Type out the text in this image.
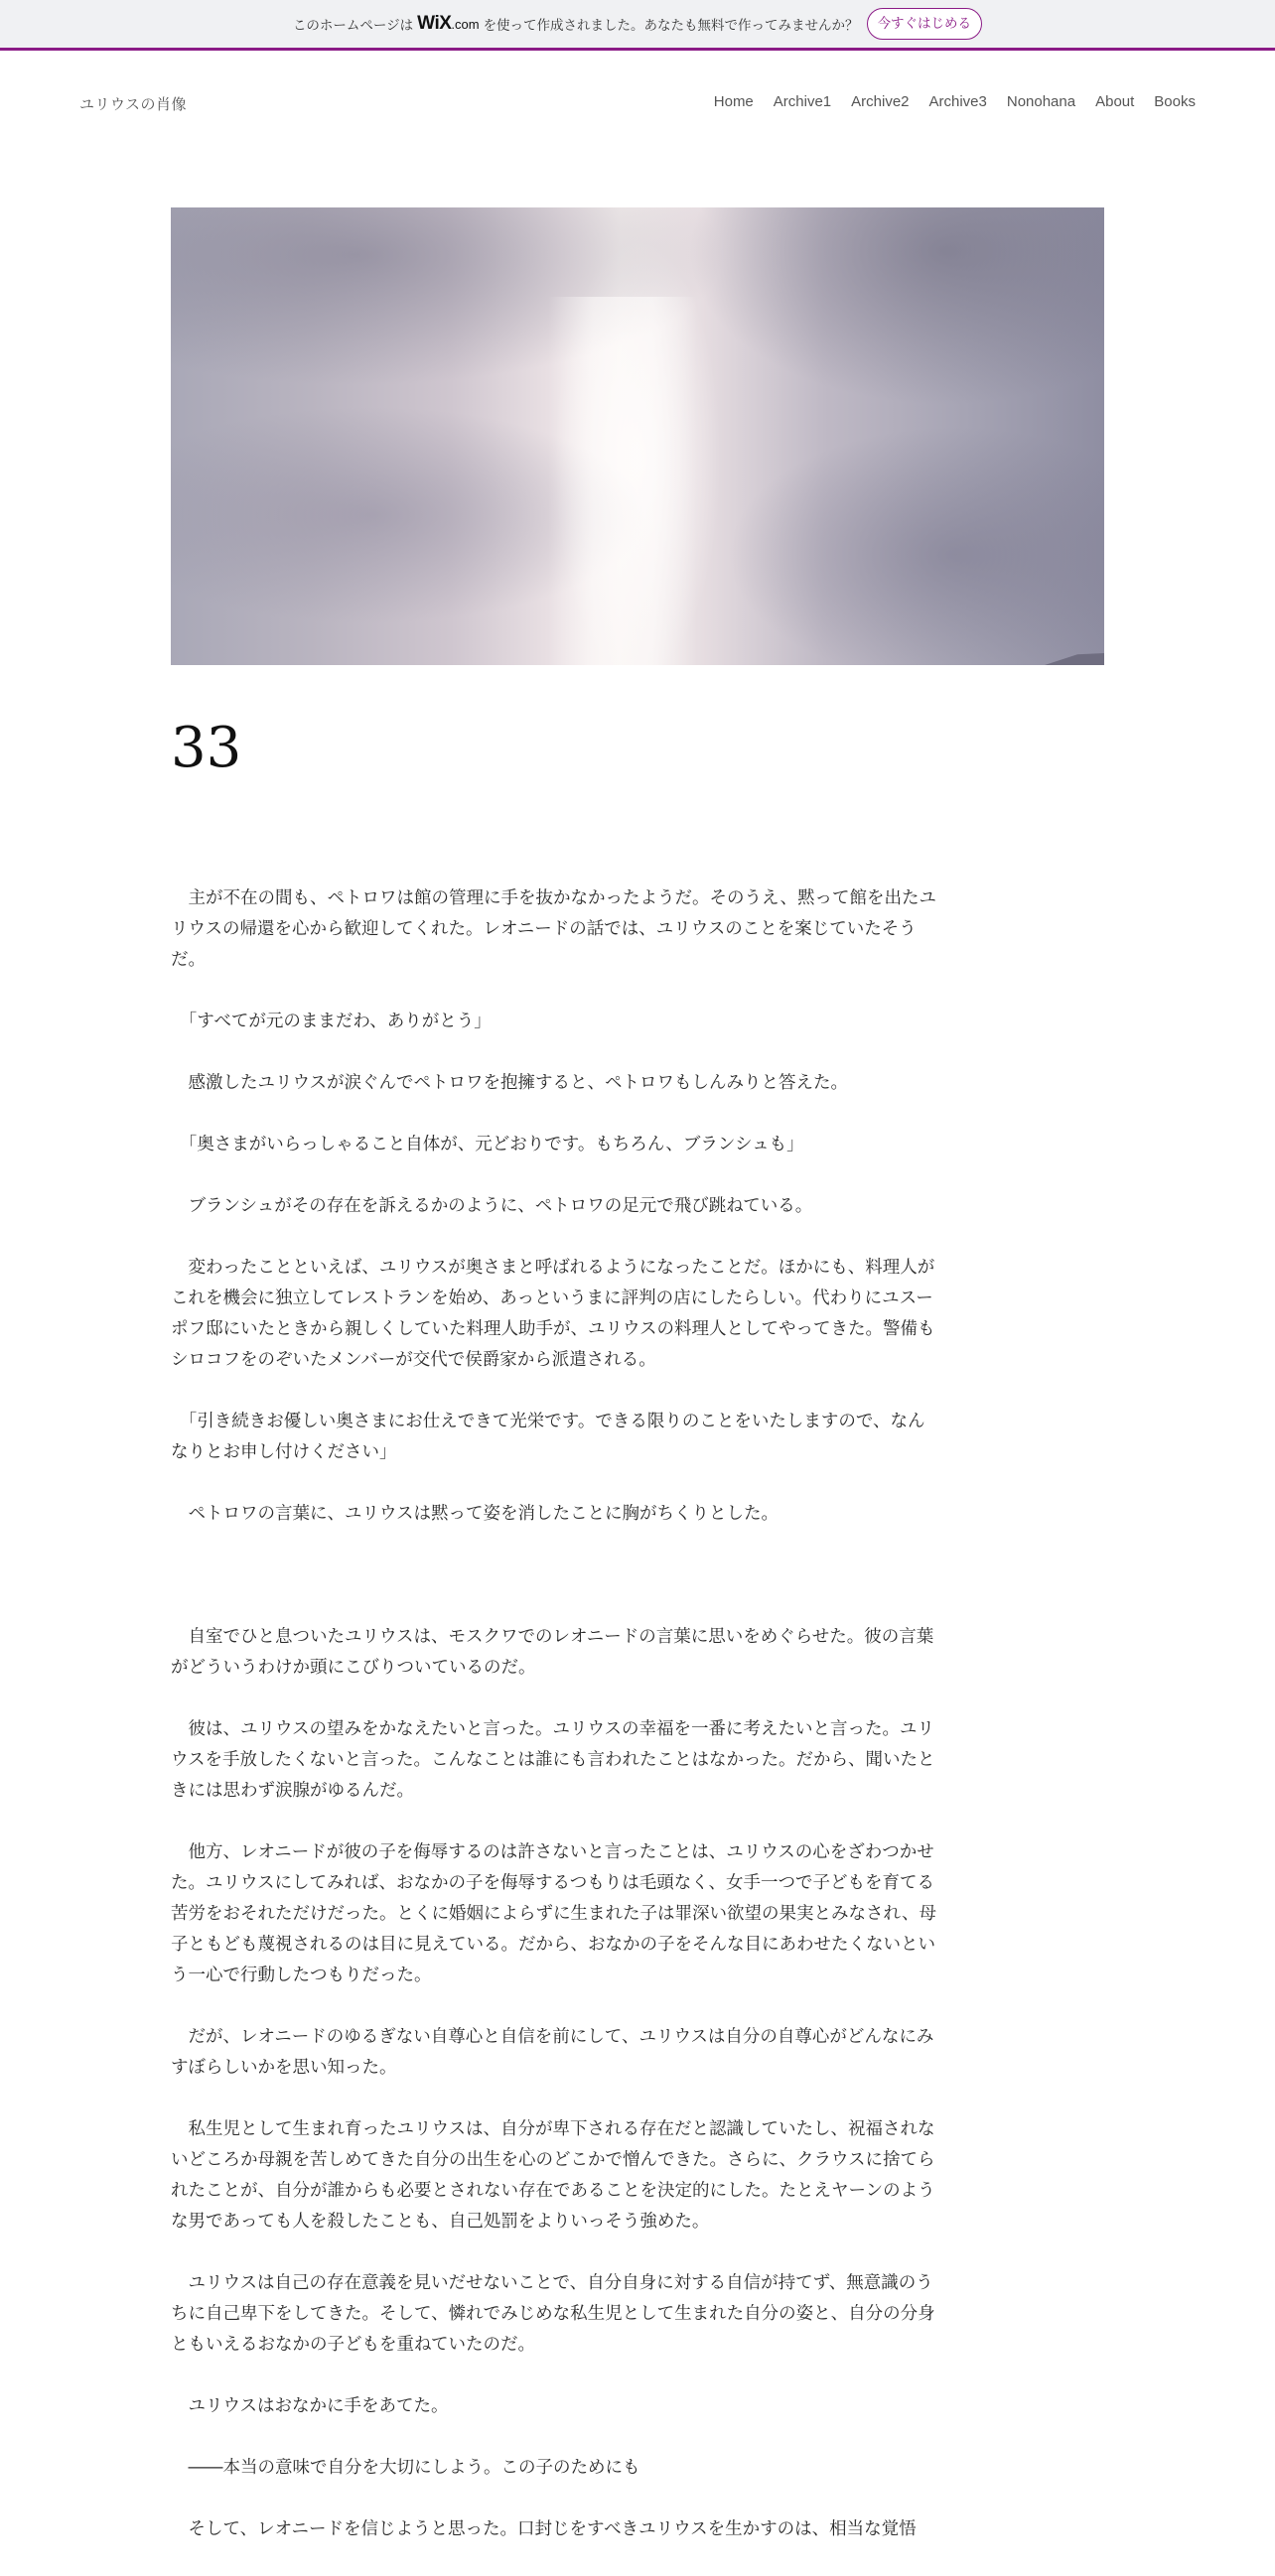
このホームページは WiX.com を使って作成されました。あなたも無料で作ってみませんか？	今すぐはじめる
ユリウスの肖像	Home Archive1 Archive2 Archive3 Nonohana About Books
33

　主が不在の間も、ペトロワは館の管理に手を抜かなかったようだ。そのうえ、黙って館を出たユリウスの帰還を心から歓迎してくれた。レオニードの話では、ユリウスのことを案じていたそうだ。

　「すべてが元のままだわ、ありがとう」

　感激したユリウスが涙ぐんでペトロワを抱擁すると、ペトロワもしんみりと答えた。

　「奥さまがいらっしゃること自体が、元どおりです。もちろん、ブランシュも」

　ブランシュがその存在を訴えるかのように、ペトロワの足元で飛び跳ねている。

　変わったことといえば、ユリウスが奥さまと呼ばれるようになったことだ。ほかにも、料理人がこれを機会に独立してレストランを始め、あっというまに評判の店にしたらしい。代わりにユスーポフ邸にいたときから親しくしていた料理人助手が、ユリウスの料理人としてやってきた。警備もシロコフをのぞいたメンバーが交代で侯爵家から派遣される。

　「引き続きお優しい奥さまにお仕えできて光栄です。できる限りのことをいたしますので、なんなりとお申し付けください」

　ペトロワの言葉に、ユリウスは黙って姿を消したことに胸がちくりとした。

　自室でひと息ついたユリウスは、モスクワでのレオニードの言葉に思いをめぐらせた。彼の言葉がどういうわけか頭にこびりついているのだ。

　彼は、ユリウスの望みをかなえたいと言った。ユリウスの幸福を一番に考えたいと言った。ユリウスを手放したくないと言った。こんなことは誰にも言われたことはなかった。だから、聞いたときには思わず涙腺がゆるんだ。

　他方、レオニードが彼の子を侮辱するのは許さないと言ったことは、ユリウスの心をざわつかせた。ユリウスにしてみれば、おなかの子を侮辱するつもりは毛頭なく、女手一つで子どもを育てる苦労をおそれただけだった。とくに婚姻によらずに生まれた子は罪深い欲望の果実とみなされ、母子ともども蔑視されるのは目に見えている。だから、おなかの子をそんな目にあわせたくないという一心で行動したつもりだった。

　だが、レオニードのゆるぎない自尊心と自信を前にして、ユリウスは自分の自尊心がどんなにみすぼらしいかを思い知った。

　私生児として生まれ育ったユリウスは、自分が卑下される存在だと認識していたし、祝福されないどころか母親を苦しめてきた自分の出生を心のどこかで憎んできた。さらに、クラウスに捨てられたことが、自分が誰からも必要とされない存在であることを決定的にした。たとえヤーンのような男であっても人を殺したことも、自己処罰をよりいっそう強めた。

　ユリウスは自己の存在意義を見いだせないことで、自分自身に対する自信が持てず、無意識のうちに自己卑下をしてきた。そして、憐れでみじめな私生児として生まれた自分の姿と、自分の分身ともいえるおなかの子どもを重ねていたのだ。

　ユリウスはおなかに手をあてた。

　――本当の意味で自分を大切にしよう。この子のためにも

　そして、レオニードを信じようと思った。口封じをすべきユリウスを生かすのは、相当な覚悟
